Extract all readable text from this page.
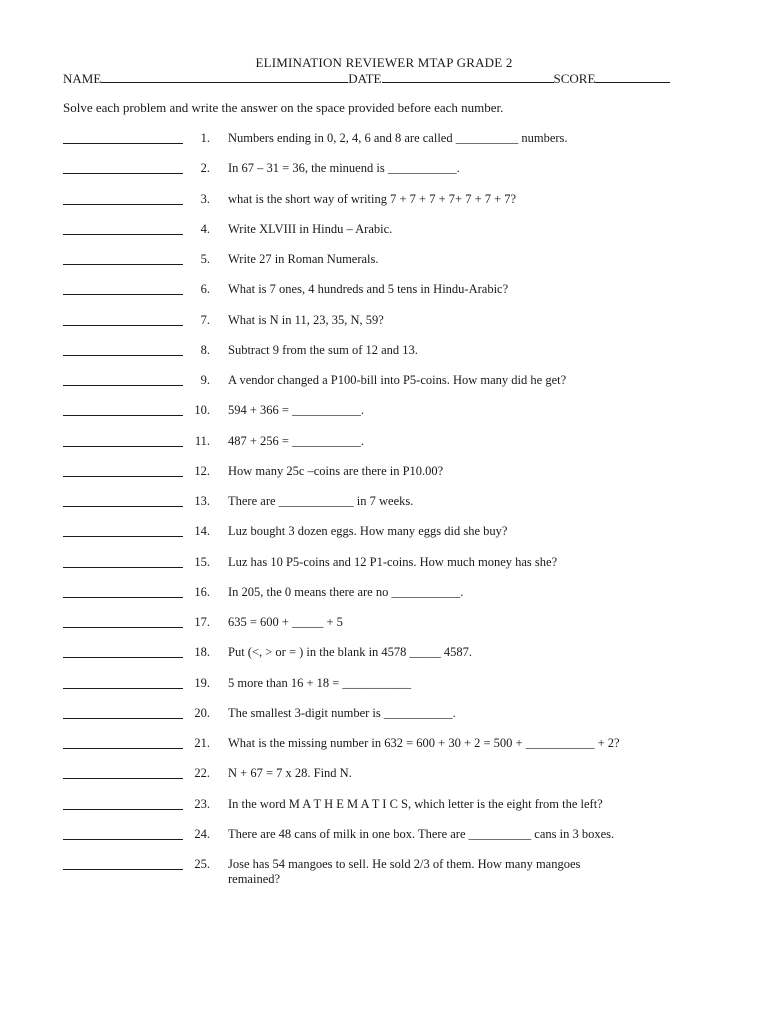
ELIMINATION REVIEWER MTAP GRADE 2
NAME	DATE	SCORE
Solve each problem and write the answer on the space provided before each number.
1. Numbers ending in 0, 2, 4, 6 and 8 are called __________ numbers.
2. In 67 – 31 = 36, the minuend is ___________.
3. what is the short way of writing 7 + 7 + 7 + 7+ 7 + 7 + 7?
4. Write XLVIII in Hindu – Arabic.
5. Write 27 in Roman Numerals.
6. What is 7 ones, 4 hundreds and 5 tens in Hindu-Arabic?
7. What is N in 11, 23, 35, N, 59?
8. Subtract 9 from the sum of 12 and 13.
9. A vendor changed a P100-bill into P5-coins. How many did he get?
10. 594 + 366 = ___________.
11. 487 + 256 = ___________.
12. How many 25c –coins are there in P10.00?
13. There are ____________ in 7 weeks.
14. Luz bought 3 dozen eggs. How many eggs did she buy?
15. Luz has 10 P5-coins and 12 P1-coins. How much money has she?
16. In 205, the 0 means there are no ___________.
17. 635 = 600 + _____ + 5
18. Put (<, > or = ) in the blank in 4578 _____ 4587.
19. 5 more than 16 + 18 = ___________
20. The smallest 3-digit number is ___________.
21. What is the missing number in 632 = 600 + 30 + 2 = 500 + ___________ + 2?
22. N + 67 = 7 x 28. Find N.
23. In the word M A T H E M A T I C S, which letter is the eight from the left?
24. There are 48 cans of milk in one box. There are __________ cans in 3 boxes.
25. Jose has 54 mangoes to sell. He sold 2/3 of them. How many mangoes
remained?
